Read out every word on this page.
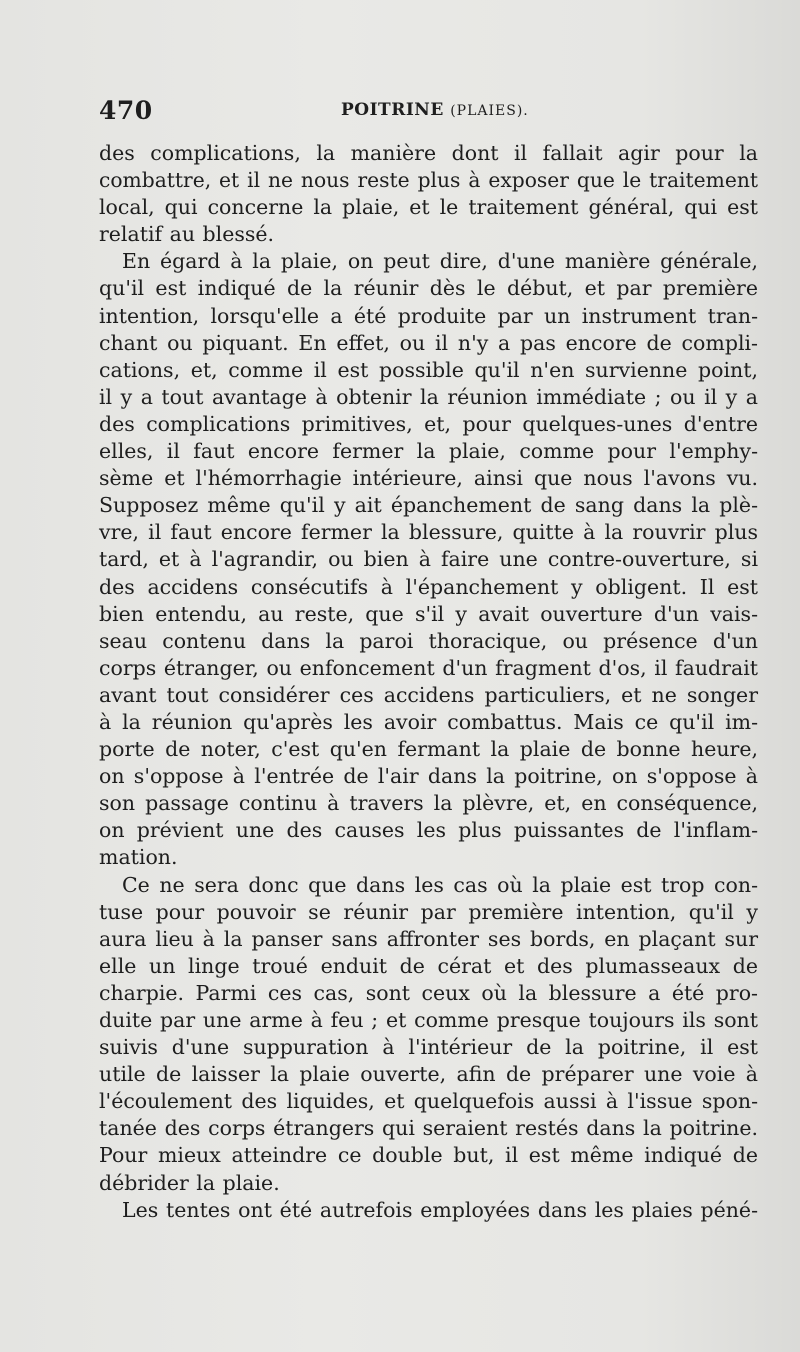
470	POITRINE (PLAIES).
des complications, la manière dont il fallait agir pour la
combattre, et il ne nous reste plus à exposer que le traitement
local, qui concerne la plaie, et le traitement général, qui est
relatif au blessé.
En égard à la plaie, on peut dire, d'une manière générale,
qu'il est indiqué de la réunir dès le début, et par première
intention, lorsqu'elle a été produite par un instrument tran-
chant ou piquant. En effet, ou il n'y a pas encore de compli-
cations, et, comme il est possible qu'il n'en survienne point,
il y a tout avantage à obtenir la réunion immédiate ; ou il y a
des complications primitives, et, pour quelques-unes d'entre
elles, il faut encore fermer la plaie, comme pour l'emphy-
sème et l'hémorrhagie intérieure, ainsi que nous l'avons vu.
Supposez même qu'il y ait épanchement de sang dans la plè-
vre, il faut encore fermer la blessure, quitte à la rouvrir plus
tard, et à l'agrandir, ou bien à faire une contre-ouverture, si
des accidens consécutifs à l'épanchement y obligent. Il est
bien entendu, au reste, que s'il y avait ouverture d'un vais-
seau contenu dans la paroi thoracique, ou présence d'un
corps étranger, ou enfoncement d'un fragment d'os, il faudrait
avant tout considérer ces accidens particuliers, et ne songer
à la réunion qu'après les avoir combattus. Mais ce qu'il im-
porte de noter, c'est qu'en fermant la plaie de bonne heure,
on s'oppose à l'entrée de l'air dans la poitrine, on s'oppose à
son passage continu à travers la plèvre, et, en conséquence,
on prévient une des causes les plus puissantes de l'inflam-
mation.
Ce ne sera donc que dans les cas où la plaie est trop con-
tuse pour pouvoir se réunir par première intention, qu'il y
aura lieu à la panser sans affronter ses bords, en plaçant sur
elle un linge troué enduit de cérat et des plumasseaux de
charpie. Parmi ces cas, sont ceux où la blessure a été pro-
duite par une arme à feu ; et comme presque toujours ils sont
suivis d'une suppuration à l'intérieur de la poitrine, il est
utile de laisser la plaie ouverte, afin de préparer une voie à
l'écoulement des liquides, et quelquefois aussi à l'issue spon-
tanée des corps étrangers qui seraient restés dans la poitrine.
Pour mieux atteindre ce double but, il est même indiqué de
débrider la plaie.
Les tentes ont été autrefois employées dans les plaies péné-
